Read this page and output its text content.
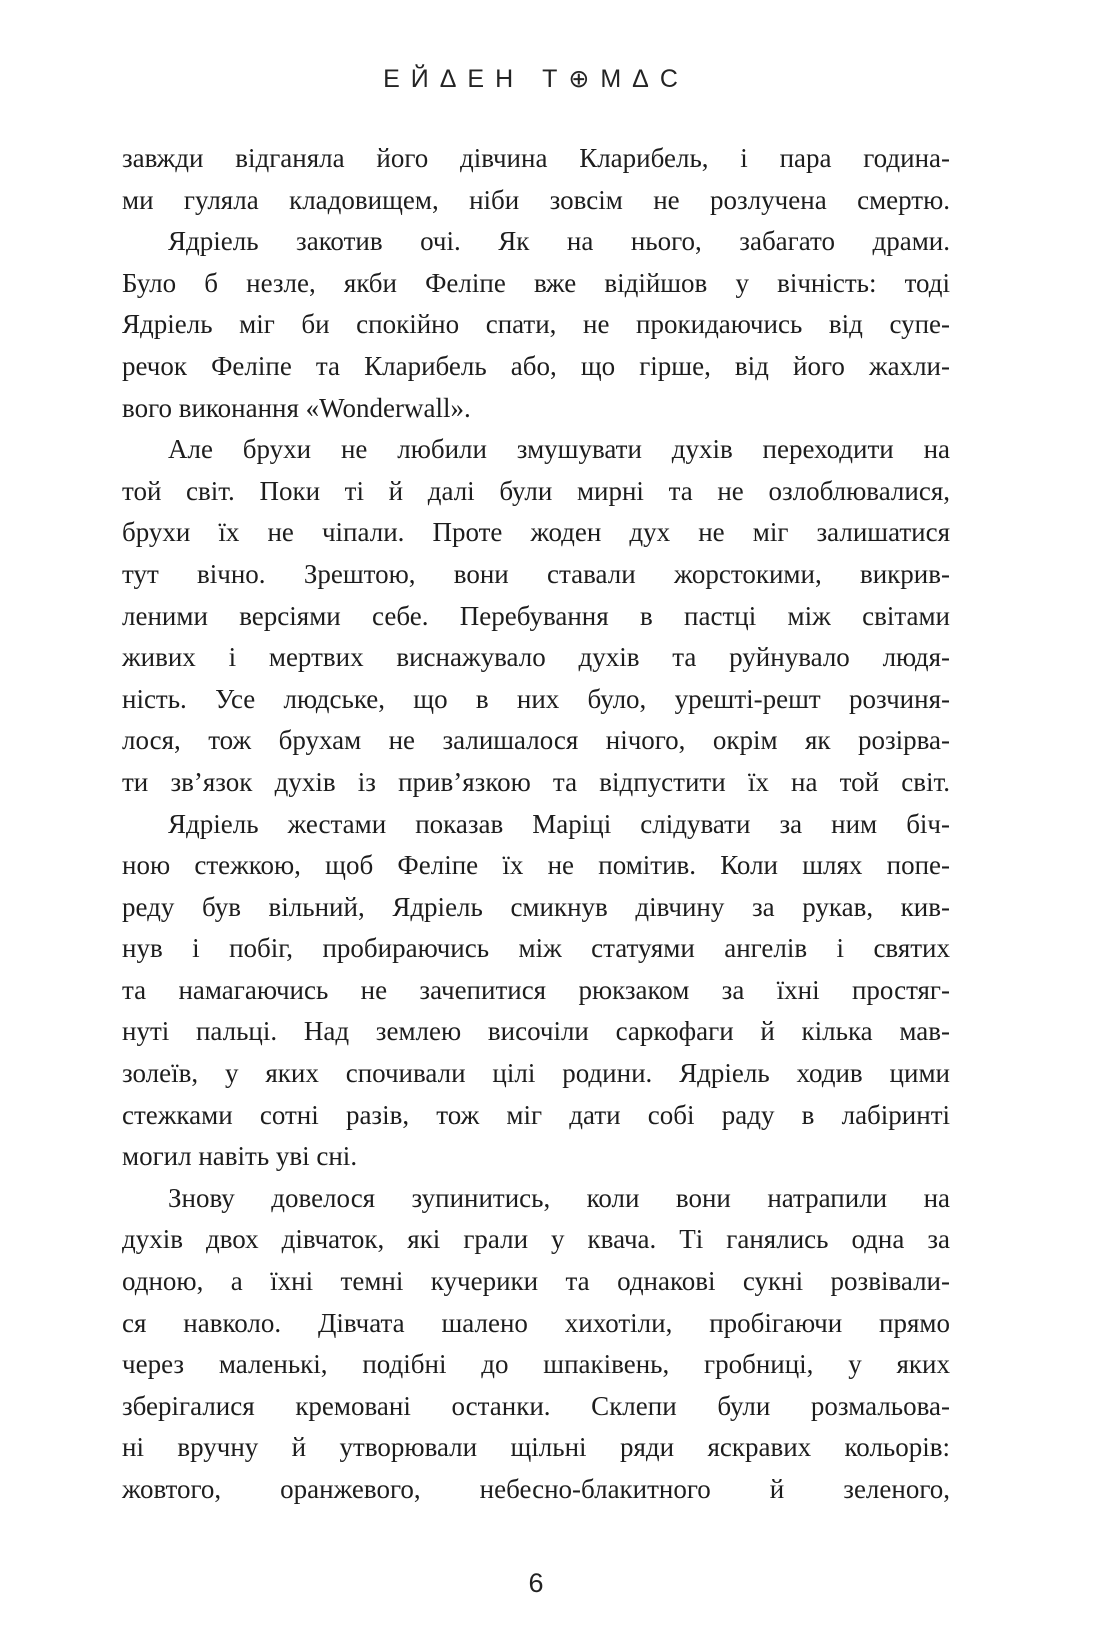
ЕЙΔЕН Т⊕МΔС
завжди відганяла його дівчина Кларибель, і пара година-
ми гуляла кладовищем, ніби зовсім не розлучена смертю.
Ядріель закотив очі. Як на нього, забагато драми.
Було б незле, якби Феліпе вже відійшов у вічність: тоді
Ядріель міг би спокійно спати, не прокидаючись від супе-
речок Феліпе та Кларибель або, що гірше, від його жахли-
вого виконання «Wonderwall».
Але брухи не любили змушувати духів переходити на
той світ. Поки ті й далі були мирні та не озлоблювалися,
брухи їх не чіпали. Проте жоден дух не міг залишатися
тут вічно. Зрештою, вони ставали жорстокими, викрив-
леними версіями себе. Перебування в пастці між світами
живих і мертвих виснажувало духів та руйнувало людя-
ність. Усе людське, що в них було, урешті-решт розчиня-
лося, тож брухам не залишалося нічого, окрім як розірва-
ти зв’язок духів із прив’язкою та відпустити їх на той світ.
Ядріель жестами показав Маріці слідувати за ним біч-
ною стежкою, щоб Феліпе їх не помітив. Коли шлях попе-
реду був вільний, Ядріель смикнув дівчину за рукав, кив-
нув і побіг, пробираючись між статуями ангелів і святих
та намагаючись не зачепитися рюкзаком за їхні простяг-
нуті пальці. Над землею височіли саркофаги й кілька мав-
золеїв, у яких спочивали цілі родини. Ядріель ходив цими
стежками сотні разів, тож міг дати собі раду в лабіринті
могил навіть уві сні.
Знову довелося зупинитись, коли вони натрапили на
духів двох дівчаток, які грали у квача. Ті ганялись одна за
одною, а їхні темні кучерики та однакові сукні розвівали-
ся навколо. Дівчата шалено хихотіли, пробігаючи прямо
через маленькі, подібні до шпаківень, гробниці, у яких
зберігалися кремовані останки. Склепи були розмальова-
ні вручну й утворювали щільні ряди яскравих кольорів:
жовтого, оранжевого, небесно-блакитного й зеленого,
6
